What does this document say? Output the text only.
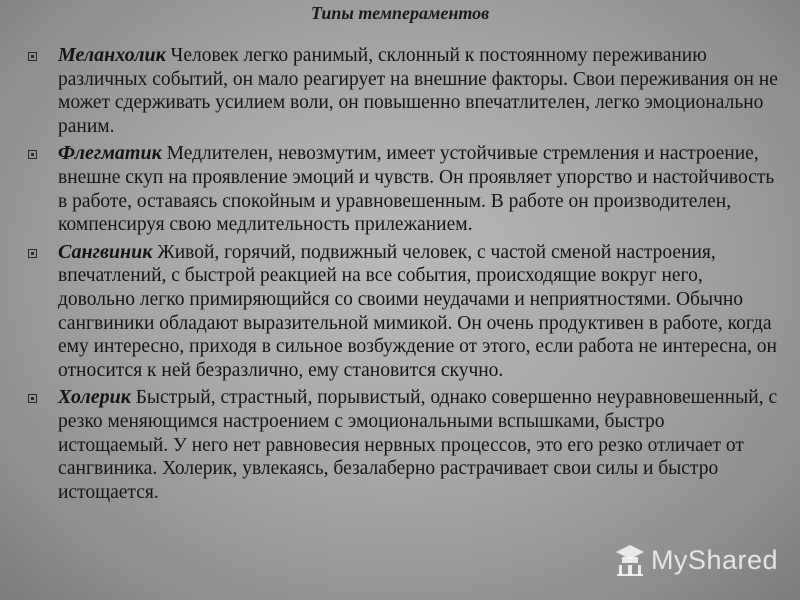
Типы темпераментов
Меланхолик Человек легко ранимый, склонный к постоянному переживанию различных событий, он мало реагирует на внешние факторы. Свои переживания он не может сдерживать усилием воли, он повышенно впечатлителен, легко эмоционально раним.
Флегматик Медлителен, невозмутим, имеет устойчивые стремления и настроение, внешне скуп на проявление эмоций и чувств. Он проявляет упорство и настойчивость в работе, оставаясь спокойным и уравновешенным. В работе он производителен, компенсируя свою медлительность прилежанием.
Сангвиник Живой, горячий, подвижный человек, с частой сменой настроения, впечатлений, с быстрой реакцией на все события, происходящие вокруг него, довольно легко примиряющийся со своими неудачами и неприятностями. Обычно сангвиники обладают выразительной мимикой. Он очень продуктивен в работе, когда ему интересно, приходя в сильное возбуждение от этого, если работа не интересна, он относится к ней безразлично, ему становится скучно.
Холерик Быстрый, страстный, порывистый, однако совершенно неуравновешенный, с резко меняющимся настроением с эмоциональными вспышками, быстро истощаемый. У него нет равновесия нервных процессов, это его резко отличает от сангвиника. Холерик, увлекаясь, безалаберно растрачивает свои силы и быстро истощается.
MyShared
